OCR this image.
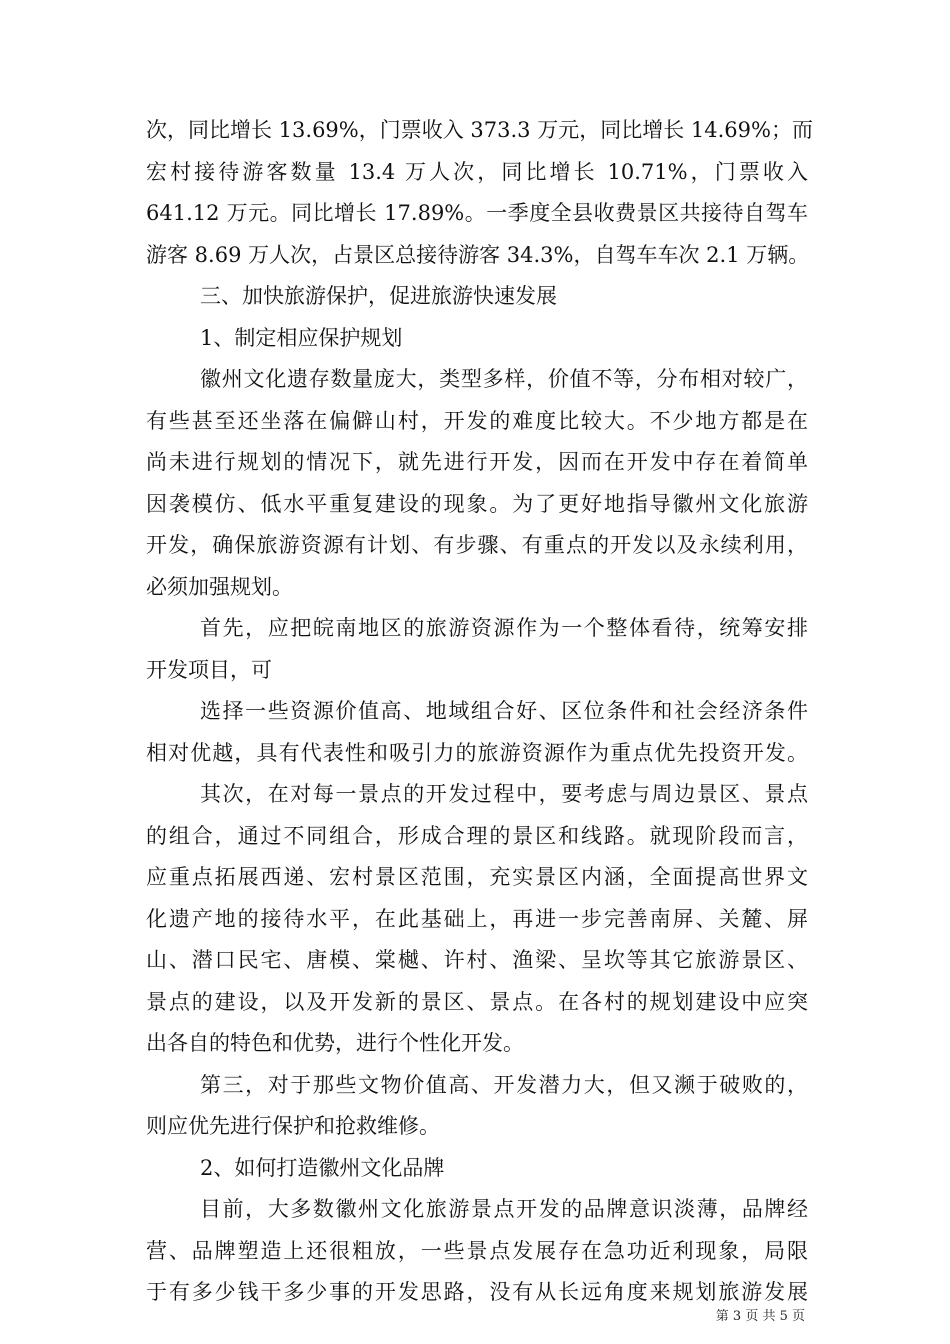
次，同比增长 13.69%，门票收入 373.3 万元，同比增长 14.69%；而
宏村接待游客数量 13.4 万人次，同比增长 10.71%，门票收入
641.12 万元。同比增长 17.89%。一季度全县收费景区共接待自驾车
游客 8.69 万人次，占景区总接待游客 34.3%，自驾车车次 2.1 万辆。
三、加快旅游保护，促进旅游快速发展
1、制定相应保护规划
徽州文化遗存数量庞大，类型多样，价值不等，分布相对较广，
有些甚至还坐落在偏僻山村，开发的难度比较大。不少地方都是在
尚未进行规划的情况下，就先进行开发，因而在开发中存在着简单
因袭模仿、低水平重复建设的现象。为了更好地指导徽州文化旅游
开发，确保旅游资源有计划、有步骤、有重点的开发以及永续利用，
必须加强规划。
首先，应把皖南地区的旅游资源作为一个整体看待，统筹安排
开发项目，可
选择一些资源价值高、地域组合好、区位条件和社会经济条件
相对优越，具有代表性和吸引力的旅游资源作为重点优先投资开发。
其次，在对每一景点的开发过程中，要考虑与周边景区、景点
的组合，通过不同组合，形成合理的景区和线路。就现阶段而言，
应重点拓展西递、宏村景区范围，充实景区内涵，全面提高世界文
化遗产地的接待水平，在此基础上，再进一步完善南屏、关麓、屏
山、潜口民宅、唐模、棠樾、许村、渔梁、呈坎等其它旅游景区、
景点的建设，以及开发新的景区、景点。在各村的规划建设中应突
出各自的特色和优势，进行个性化开发。
第三，对于那些文物价值高、开发潜力大，但又濒于破败的，
则应优先进行保护和抢救维修。
2、如何打造徽州文化品牌
目前，大多数徽州文化旅游景点开发的品牌意识淡薄，品牌经
营、品牌塑造上还很粗放，一些景点发展存在急功近利现象，局限
于有多少钱干多少事的开发思路，没有从长远角度来规划旅游发展
第 3 页 共 5 页
